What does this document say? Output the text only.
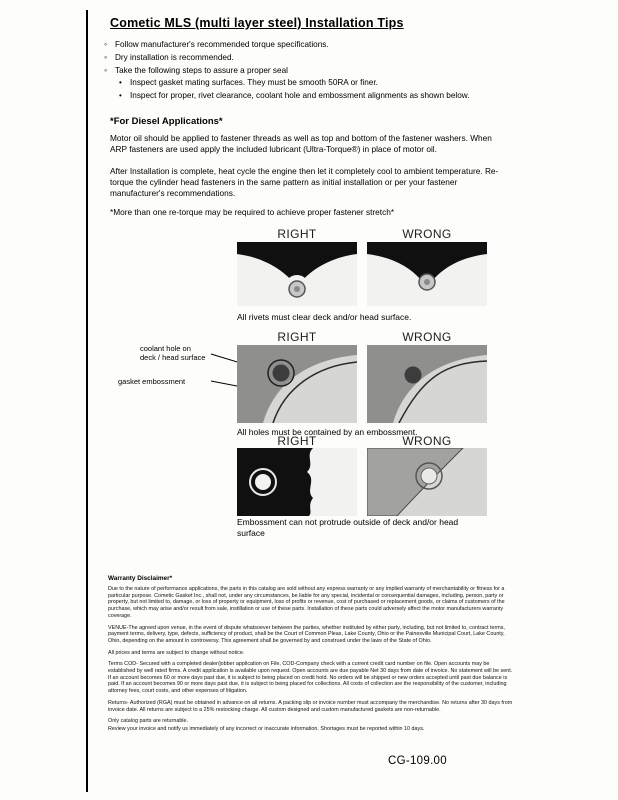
Cometic MLS (multi layer steel) Installation Tips
◦ Follow manufacturer's recommended torque specifications.
◦ Dry installation is recommended.
◦ Take the following steps to assure a proper seal
• Inspect gasket mating surfaces. They must be smooth 50RA or finer.
• Inspect for proper, rivet clearance, coolant hole and embossment alignments as shown below.
*For Diesel Applications*

Motor oil should be applied to fastener threads as well as top and bottom of the fastener washers. When ARP fasteners are used apply the included lubricant (Ultra-Torque®) in place of motor oil.

After Installation is complete, heat cycle the engine then let it completely cool to ambient temperature. Re-torque the cylinder head fasteners in the same pattern as initial installation or per your fastener manufacturer's recommendations.

*More than one re-torque may be required to achieve proper fastener stretch*

RIGHT	WRONG

All rivets must clear deck and/or head surface.

RIGHT	WRONG
coolant hole on
deck / head surface
gasket embossment

All holes must be contained by an embossment.

RIGHT	WRONG

Embossment can not protrude outside of deck and/or head surface

Warranty Disclaimer*

Due to the nature of performance applications, the parts in this catalog are sold without any express warranty or any implied warranty of merchantability or fitness for a particular purpose. Cometic Gasket Inc., shall not, under any circumstances, be liable for any special, incidental or consequential damages, including, person, party or property, but not limited to, damage, or loss of property or equipment, loss of profits or revenue, cost of purchased or replacement goods, or claims of customers of the purchase, which may arise and/or result from sale, instillation or use of these parts. Installation of these parts could adversely affect the motor manufacturers warranty coverage.

VENUE-The agreed upon venue, in the event of dispute whatsoever between the parties, whether instituted by either party, including, but not limited to, contract terms, payment terms, delivery, type, defects, sufficiency of product, shall be the Court of Common Pleas, Lake County, Ohio or the Painesville Municipal Court, Lake County, Ohio, depending on the amount in controversy. This agreement shall be governed by and construed under the laws of the State of Ohio.

All prices and terms are subject to change without notice.

Terms COD- Secured with a completed dealer/jobber application on File, COD-Company check with a current credit card number on file. Open accounts may be established by well rated firms. A credit application is available upon request. Open accounts are due payable Net 30 days from date of invoice. No statement will be sent. If an account becomes 60 or more days past due, it is subject to being placed on credit hold. No orders will be shipped or new orders accepted until past due balance is paid. If an account becomes 90 or more days past due, it is subject to being placed for collections. All costs of collection are the responsibility of the customer, including attorney fees, court costs, and other expenses of litigation.

Returns- Authorized (RGA) must be obtained in advance on all returns. A packing slip or invoice number must accompany the merchandise. No returns after 30 days from invoice date. All returns are subject to a 25% restocking charge. All custom designed and custom manufactured gaskets are non-returnable.

Only catalog parts are returnable.

Review your invoice and notify us immediately of any incorrect or inaccurate information. Shortages must be reported within 10 days.

CG-109.00
